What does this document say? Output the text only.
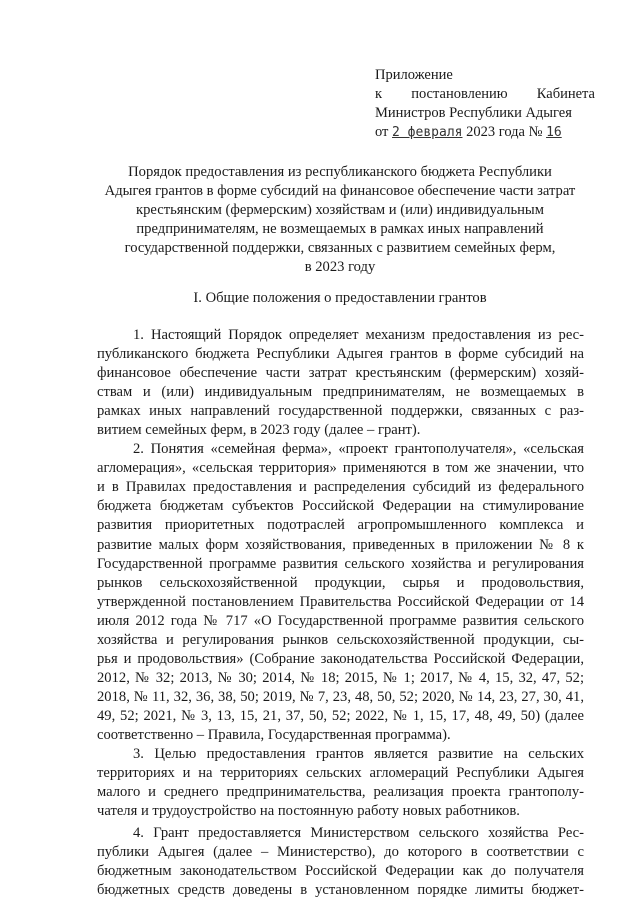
Приложение
к постановлению Кабинета
Министров Республики Адыгея
от 2 февраля 2023 года № 16
Порядок предоставления из республиканского бюджета Республики
Адыгея грантов в форме субсидий на финансовое обеспечение части затрат
крестьянским (фермерским) хозяйствам и (или) индивидуальным
предпринимателям, не возмещаемых в рамках иных направлений
государственной поддержки, связанных с развитием семейных ферм,
в 2023 году
I. Общие положения о предоставлении грантов
1. Настоящий Порядок определяет механизм предоставления из рес-
публиканского бюджета Республики Адыгея грантов в форме субсидий на
финансовое обеспечение части затрат крестьянским (фермерским) хозяй-
ствам и (или) индивидуальным предпринимателям, не возмещаемых в
рамках иных направлений государственной поддержки, связанных с раз-
витием семейных ферм, в 2023 году (далее – грант).
2. Понятия «семейная ферма», «проект грантополучателя», «сельская
агломерация», «сельская территория» применяются в том же значении, что
и в Правилах предоставления и распределения субсидий из федерального
бюджета бюджетам субъектов Российской Федерации на стимулирование
развития приоритетных подотраслей агропромышленного комплекса и
развитие малых форм хозяйствования, приведенных в приложении № 8 к
Государственной программе развития сельского хозяйства и регулирования
рынков сельскохозяйственной продукции, сырья и продовольствия,
утвержденной постановлением Правительства Российской Федерации от 14
июля 2012 года № 717 «О Государственной программе развития сельского
хозяйства и регулирования рынков сельскохозяйственной продукции, сы-
рья и продовольствия» (Собрание законодательства Российской Федерации,
2012, № 32; 2013, № 30; 2014, № 18; 2015, № 1; 2017, № 4, 15, 32, 47, 52;
2018, № 11, 32, 36, 38, 50; 2019, № 7, 23, 48, 50, 52; 2020, № 14, 23, 27, 30, 41,
49, 52; 2021, № 3, 13, 15, 21, 37, 50, 52; 2022, № 1, 15, 17, 48, 49, 50) (далее
соответственно – Правила, Государственная программа).
3. Целью предоставления грантов является развитие на сельских
территориях и на территориях сельских агломераций Республики Адыгея
малого и среднего предпринимательства, реализация проекта грантополу-
чателя и трудоустройство на постоянную работу новых работников.
4. Грант предоставляется Министерством сельского хозяйства Рес-
публики Адыгея (далее – Министерство), до которого в соответствии с
бюджетным законодательством Российской Федерации как до получателя
бюджетных средств доведены в установленном порядке лимиты бюджет-
